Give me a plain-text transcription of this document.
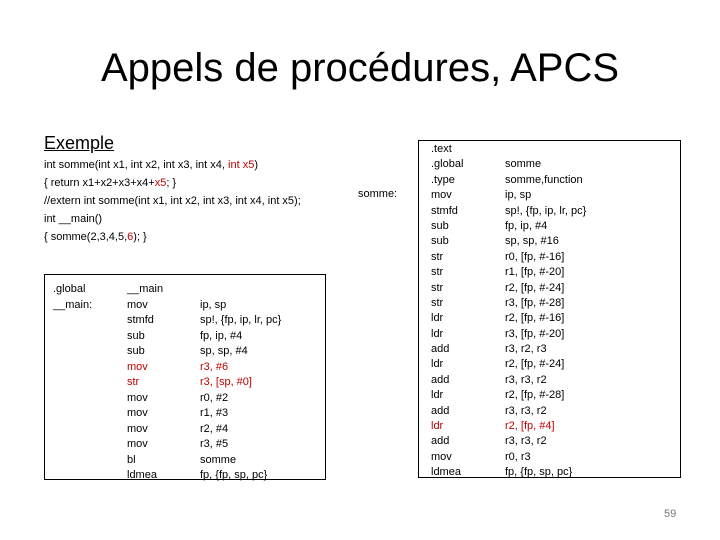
Appels de procédures, APCS
Exemple
int somme(int x1, int x2, int x3, int x4, int x5)
{ return x1+x2+x3+x4+x5; }
//extern int somme(int x1, int x2, int x3, int x4, int x5);
int __main()
{ somme(2,3,4,5,6); }
.global
__main:
__main
mov
stmfd
sub
sub
mov
str
mov
mov
mov
mov
bl
ldmea
ip, sp
sp!, {fp, ip, lr, pc}
fp, ip, #4
sp, sp, #4
r3, #6
r3, [sp, #0]
r0, #2
r1, #3
r2, #4
r3, #5
somme
fp, {fp, sp, pc}
somme:
.text
.global
.type
mov
stmfd
sub
sub
str
str
str
str
ldr
ldr
add
ldr
add
ldr
add
ldr
add
mov
ldmea
somme
somme,function
ip, sp
sp!, {fp, ip, lr, pc}
fp, ip, #4
sp, sp, #16
r0, [fp, #-16]
r1, [fp, #-20]
r2, [fp, #-24]
r3, [fp, #-28]
r2, [fp, #-16]
r3, [fp, #-20]
r3, r2, r3
r2, [fp, #-24]
r3, r3, r2
r2, [fp, #-28]
r3, r3, r2
r2, [fp, #4]
r3, r3, r2
r0, r3
fp, {fp, sp, pc}
59
